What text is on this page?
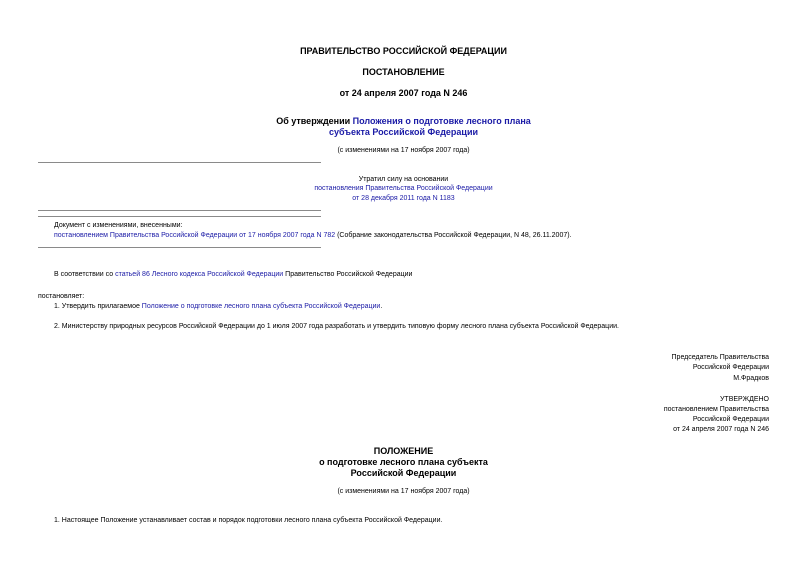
ПРАВИТЕЛЬСТВО РОССИЙСКОЙ ФЕДЕРАЦИИ
ПОСТАНОВЛЕНИЕ
от 24 апреля 2007 года N 246
Об утверждении Положения о подготовке лесного плана
субъекта Российской Федерации
(с изменениями на 17 ноября 2007 года)
Утратил силу на основании
постановления Правительства Российской Федерации
от 28 декабря 2011 года N 1183
Документ с изменениями, внесенными:
постановлением Правительства Российской Федерации от 17 ноября 2007 года N 782 (Собрание законодательства Российской Федерации, N 48, 26.11.2007).
В соответствии со статьей 86 Лесного кодекса Российской Федерации Правительство Российской Федерации
постановляет:
1. Утвердить прилагаемое Положение о подготовке лесного плана субъекта Российской Федерации.
2. Министерству природных ресурсов Российской Федерации до 1 июля 2007 года разработать и утвердить типовую форму лесного плана субъекта Российской Федерации.
Председатель Правительства
Российской Федерации
М.Фрадков
УТВЕРЖДЕНО
постановлением Правительства
Российской Федерации
от 24 апреля 2007 года N 246
ПОЛОЖЕНИЕ
о подготовке лесного плана субъекта
Российской Федерации
(с изменениями на 17 ноября 2007 года)
1. Настоящее Положение устанавливает состав и порядок подготовки лесного плана субъекта Российской Федерации.
